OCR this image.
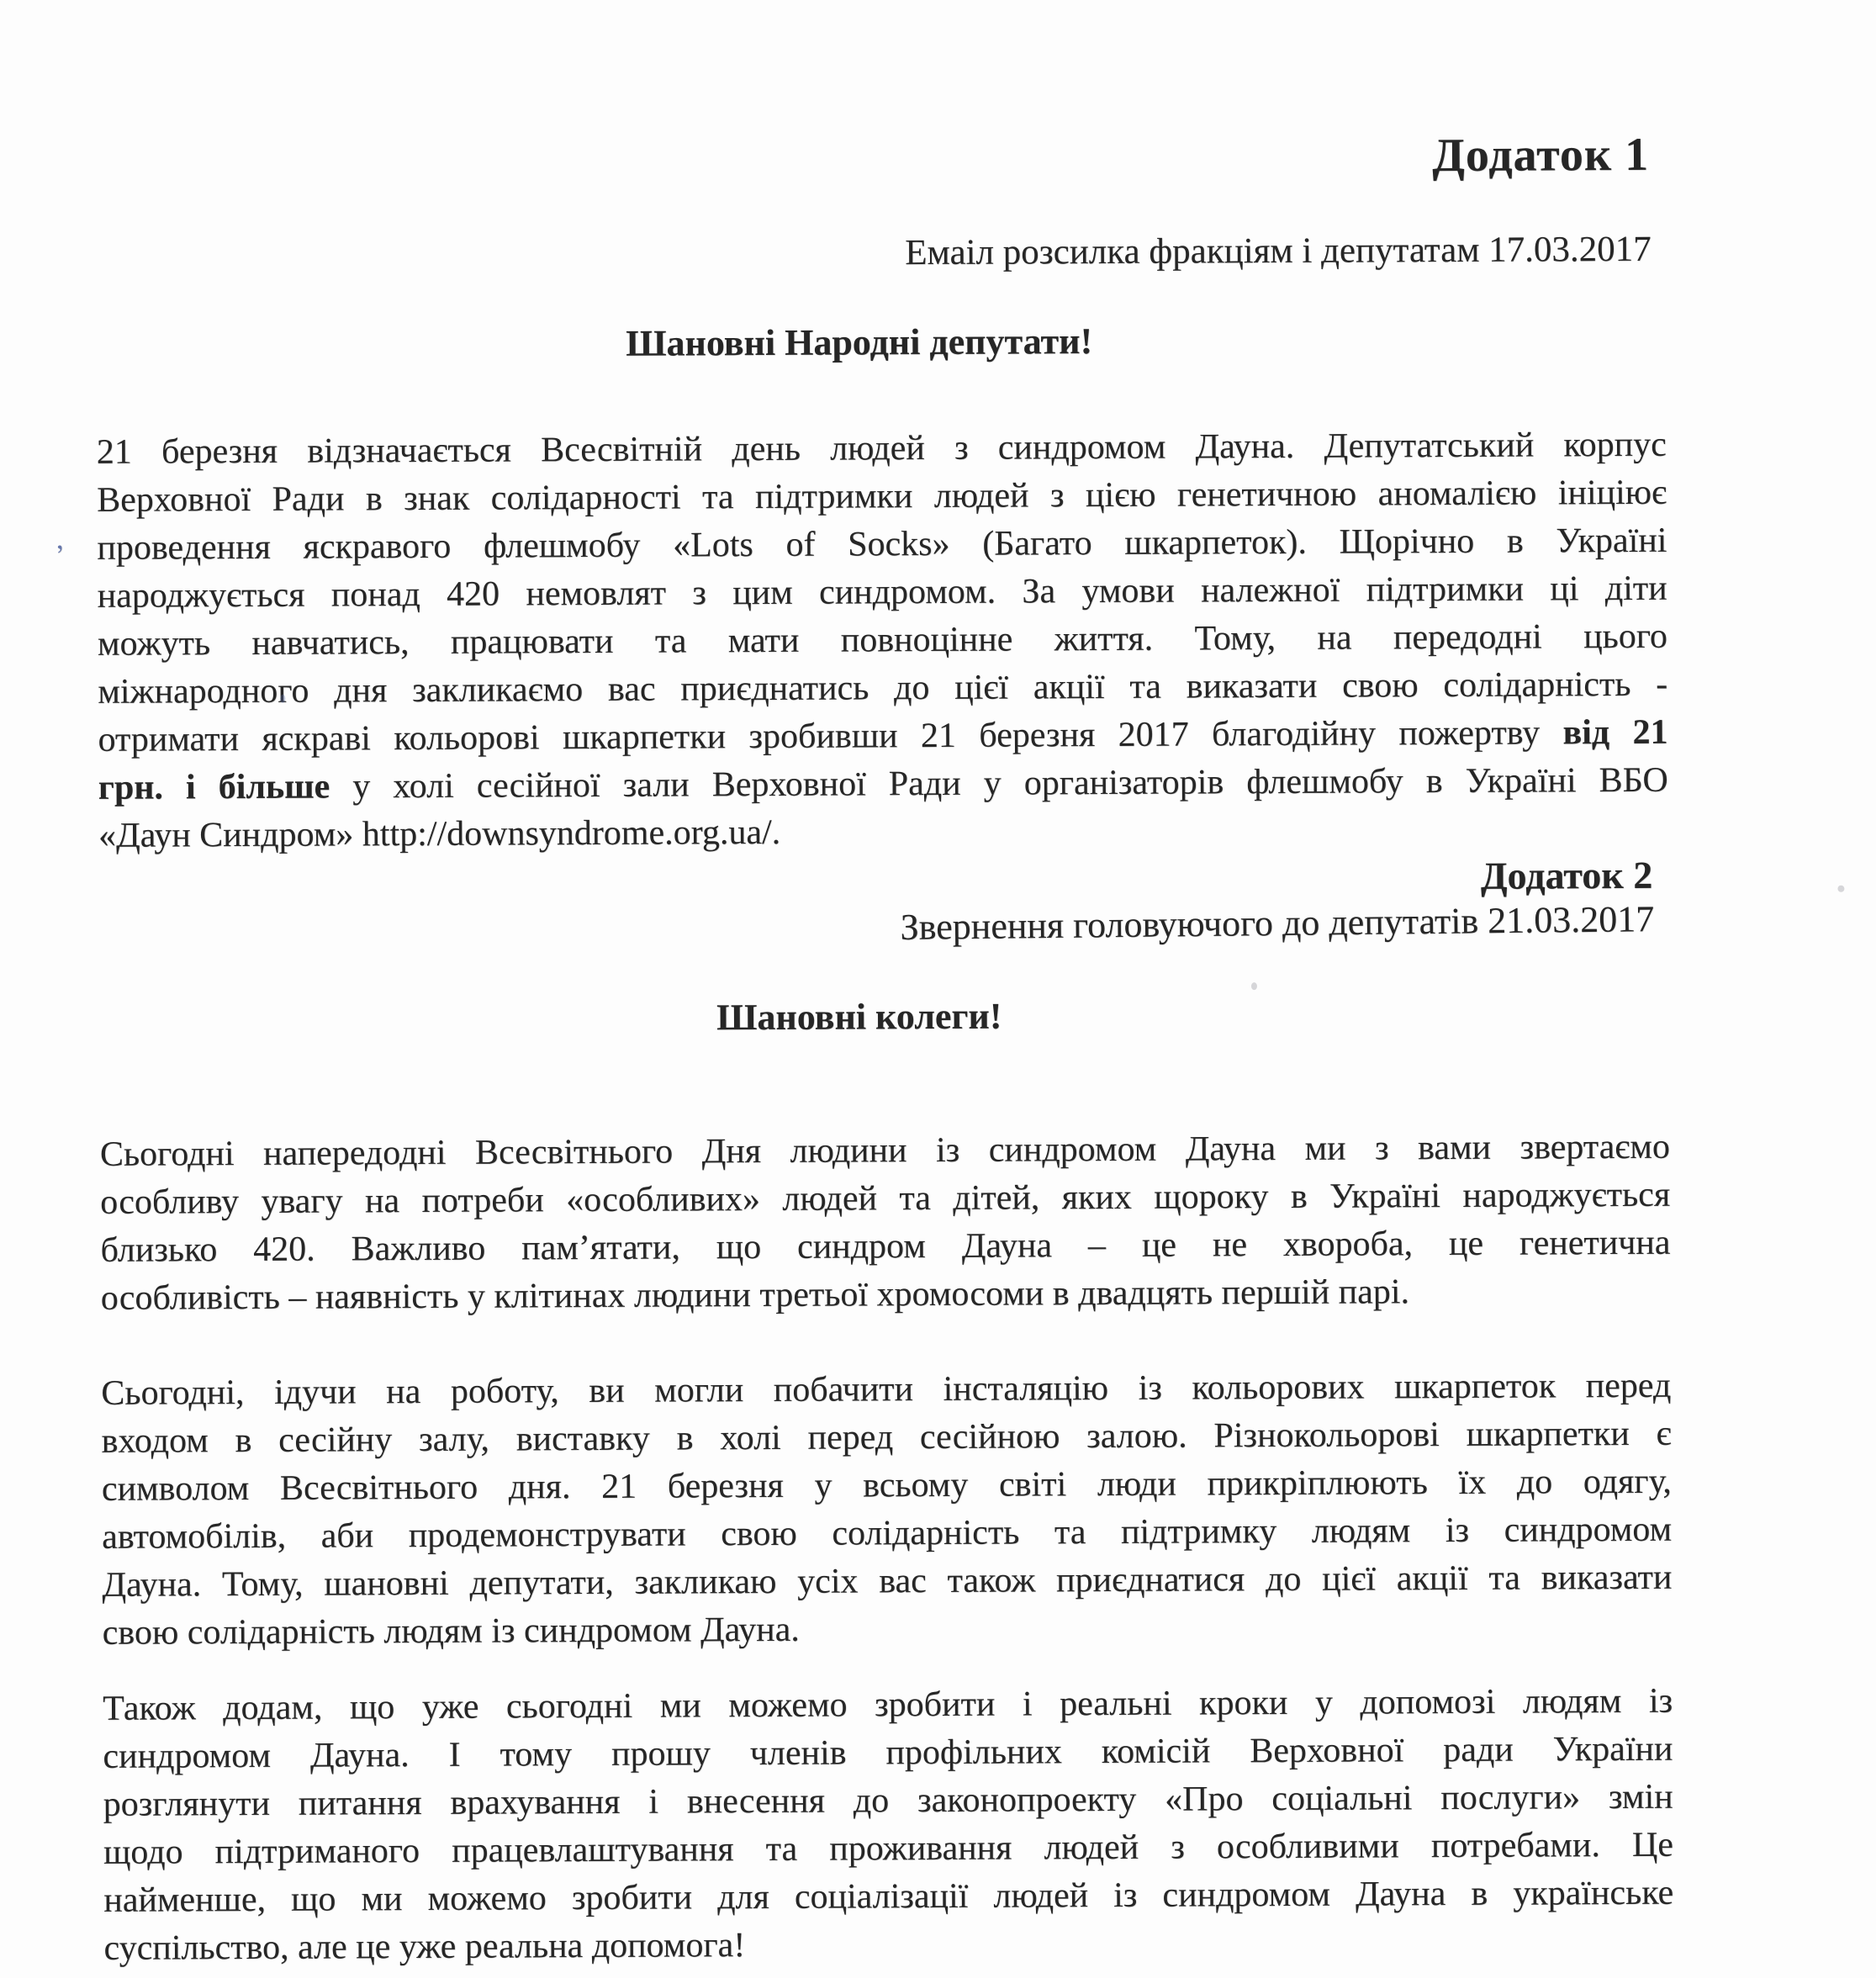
Додаток 1
Емаіл розсилка фракціям і депутатам 17.03.2017
Шановні Народні депутати!
21 березня відзначається Всесвітній день людей з синдромом Дауна. Депутатський корпус
Верховної Ради в знак солідарності та підтримки людей з цією генетичною аномалією ініціює
проведення яскравого флешмобу «Lots of Socks» (Багато шкарпеток). Щорічно в Україні
народжується понад 420 немовлят з цим синдромом. За умови належної підтримки ці діти
можуть навчатись, працювати та мати повноцінне життя. Тому, на передодні цього
міжнародного дня закликаємо вас приєднатись до цієї акції та виказати свою солідарність -
отримати яскраві кольорові шкарпетки зробивши 21 березня 2017 благодійну пожертву від 21
грн. і більше у холі сесійної зали Верховної Ради у організаторів флешмобу в Україні ВБО
«Даун Синдром» http://downsyndrome.org.ua/.
Додаток 2
Звернення головуючого до депутатів 21.03.2017
Шановні колеги!
Сьогодні напередодні Всесвітнього Дня людини із синдромом Дауна ми з вами звертаємо
особливу увагу на потреби «особливих» людей та дітей, яких щороку в Україні народжується
близько 420. Важливо пам’ятати, що синдром Дауна – це не хвороба, це генетична
особливість – наявність у клітинах людини третьої хромосоми в двадцять першій парі.
Сьогодні, ідучи на роботу, ви могли побачити інсталяцію із кольорових шкарпеток перед
входом в сесійну залу, виставку в холі перед сесійною залою. Різнокольорові шкарпетки є
символом Всесвітнього дня. 21 березня у всьому світі люди прикріплюють їх до одягу,
автомобілів, аби продемонструвати свою солідарність та підтримку людям із синдромом
Дауна. Тому, шановні депутати, закликаю усіх вас також приєднатися до цієї акції та виказати
свою солідарність людям із синдромом Дауна.
Також додам, що уже сьогодні ми можемо зробити і реальні кроки у допомозі людям із
синдромом Дауна. І тому прошу членів профільних комісій Верховної ради України
розглянути питання врахування і внесення до законопроекту «Про соціальні послуги» змін
щодо підтриманого працевлаштування та проживання людей з особливими потребами. Це
найменше, що ми можемо зробити для соціалізації людей із синдромом Дауна в українське
суспільство, але це уже реальна допомога!
,
